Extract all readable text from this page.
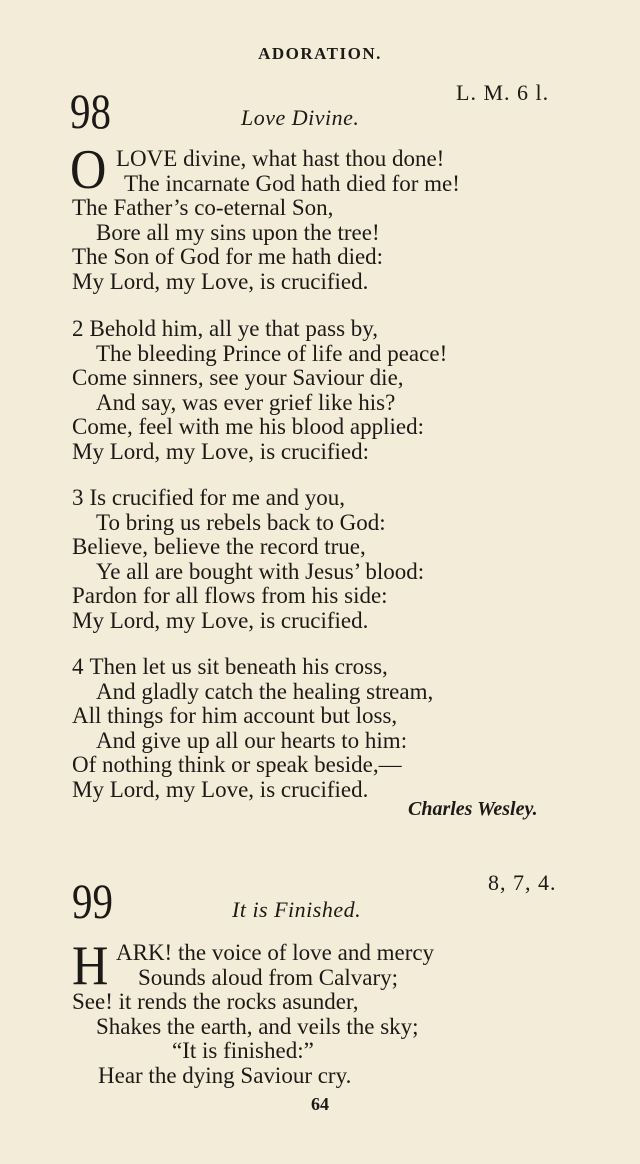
ADORATION.
98	L. M. 6 l.
Love Divine.
O LOVE divine, what hast thou done!
The incarnate God hath died for me!
The Father’s co-eternal Son,
Bore all my sins upon the tree!
The Son of God for me hath died:
My Lord, my Love, is crucified.
2 Behold him, all ye that pass by,
The bleeding Prince of life and peace!
Come sinners, see your Saviour die,
And say, was ever grief like his?
Come, feel with me his blood applied:
My Lord, my Love, is crucified:
3 Is crucified for me and you,
To bring us rebels back to God:
Believe, believe the record true,
Ye all are bought with Jesus’ blood:
Pardon for all flows from his side:
My Lord, my Love, is crucified.
4 Then let us sit beneath his cross,
And gladly catch the healing stream,
All things for him account but loss,
And give up all our hearts to him:
Of nothing think or speak beside,—
My Lord, my Love, is crucified.
Charles Wesley.
99	8, 7, 4.
It is Finished.
H ARK! the voice of love and mercy
Sounds aloud from Calvary;
See! it rends the rocks asunder,
Shakes the earth, and veils the sky;
“It is finished:”
Hear the dying Saviour cry.
64
